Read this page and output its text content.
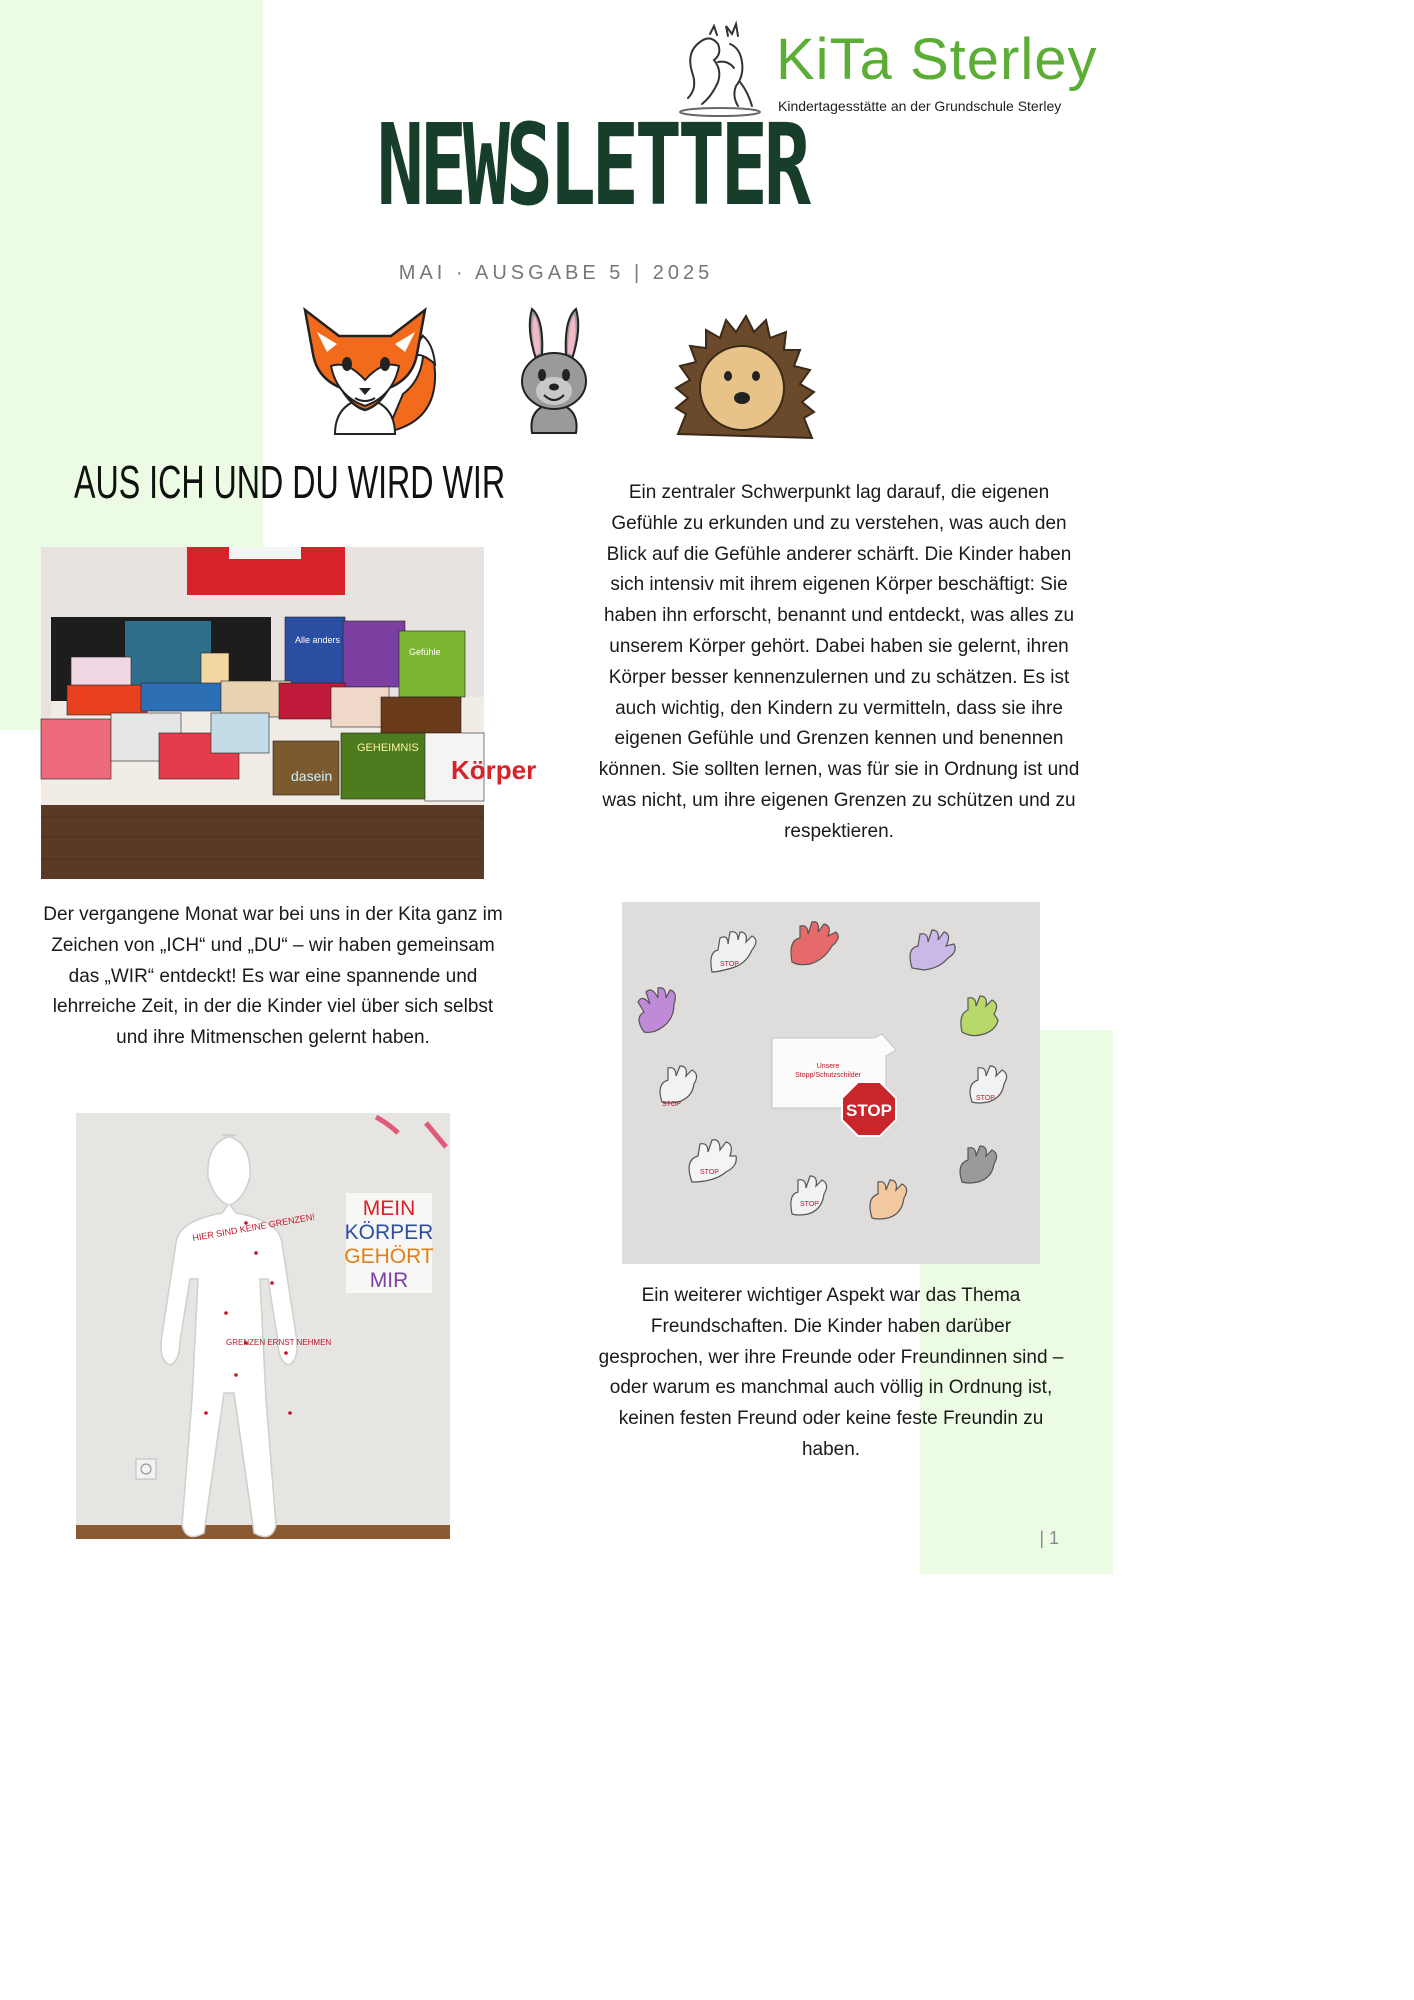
KiTa Sterley
Kindertagesstätte an der Grundschule Sterley
NEWSLETTER
MAI · AUSGABE 5 | 2025
AUS ICH UND DU WIRD WIR
Alle anders
Gefühle
Körper
GEHEIMNIS
dasein
Der vergangene Monat war bei uns in der Kita ganz im Zeichen von „ICH“ und „DU“ – wir haben gemeinsam das „WIR“ entdeckt! Es war eine spannende und lehrreiche Zeit, in der die Kinder viel über sich selbst und ihre Mitmenschen gelernt haben.
HIER SIND KEINE GRENZEN!
GRENZEN ERNST NEHMEN
MEIN
KÖRPER
GEHÖRT
MIR
Ein zentraler Schwerpunkt lag darauf, die eigenen Gefühle zu erkunden und zu verstehen, was auch den Blick auf die Gefühle anderer schärft. Die Kinder haben sich intensiv mit ihrem eigenen Körper beschäftigt: Sie haben ihn erforscht, benannt und entdeckt, was alles zu unserem Körper gehört. Dabei haben sie gelernt, ihren Körper besser kennenzulernen und zu schätzen. Es ist auch wichtig, den Kindern zu vermitteln, dass sie ihre eigenen Gefühle und Grenzen kennen und benennen können. Sie sollten lernen, was für sie in Ordnung ist und was nicht, um ihre eigenen Grenzen zu schützen und zu respektieren.
STOP
STOP
STOP
STOP
STOP
Unsere
Stopp/Schutzschilder
STOP
Ein weiterer wichtiger Aspekt war das Thema Freundschaften. Die Kinder haben darüber gesprochen, wer ihre Freunde oder Freundinnen sind – oder warum es manchmal auch völlig in Ordnung ist, keinen festen Freund oder keine feste Freundin zu haben.
| 1
